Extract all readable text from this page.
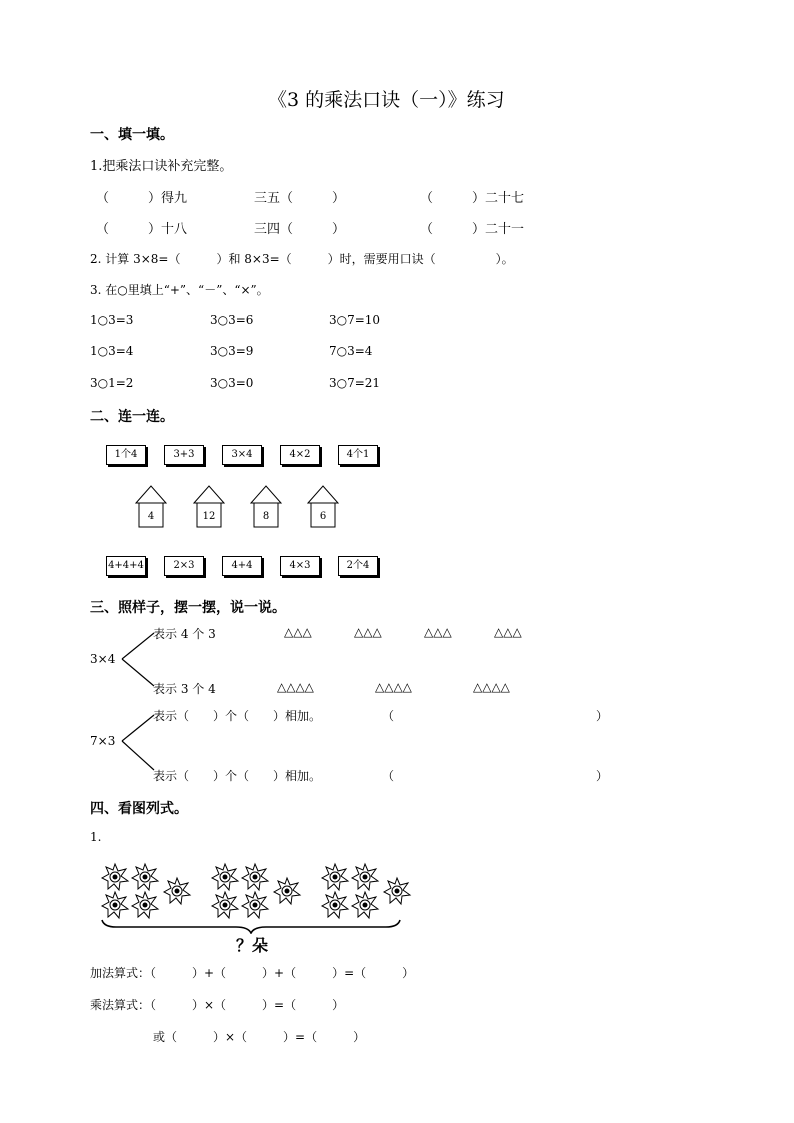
《3 的乘法口诀（一）》练习
一、填一填。
1.把乘法口诀补充完整。
（　　　）得九	三五（　　　）	（　　　）二十七
（　　　）十八	三四（　　　）	（　　　）二十一
2. 计算 3×8=（　　　）和 8×3=（　　　）时，需要用口诀（　　　　　）。
3. 在○里填上“+”、“－”、“×”。
1○3=3	3○3=6	3○7=10
1○3=4	3○3=9	7○3=4
3○1=2	3○3=0	3○7=21
二、连一连。
1个4	3+3	3×4	4×2	4个1
4	12	8	6
4+4+4	2×3	4+4	4×3	2个4
三、照样子，摆一摆，说一说。
3×4
表示 4 个 3	△△△	△△△	△△△	△△△
表示 3 个 4	△△△△	△△△△	△△△△
7×3
表示（　　）个（　　）相加。	（	）
表示（　　）个（　　）相加。	（	）
四、看图列式。
1.
？朵
加法算式：（　　　）+（　　　）+（　　　）=（　　　）
乘法算式：（　　　）×（　　　）=（　　　）
或（　　　）×（　　　）=（　　　）
